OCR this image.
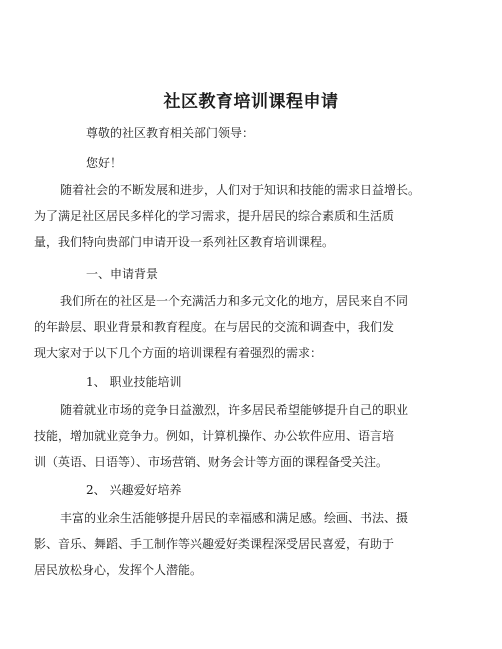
社区教育培训课程申请
尊敬的社区教育相关部门领导：
您好！
随着社会的不断发展和进步，人们对于知识和技能的需求日益增长。
为了满足社区居民多样化的学习需求，提升居民的综合素质和生活质
量，我们特向贵部门申请开设一系列社区教育培训课程。
一、申请背景
我们所在的社区是一个充满活力和多元文化的地方，居民来自不同
的年龄层、职业背景和教育程度。在与居民的交流和调查中，我们发
现大家对于以下几个方面的培训课程有着强烈的需求：
1、 职业技能培训
随着就业市场的竞争日益激烈，许多居民希望能够提升自己的职业
技能，增加就业竞争力。例如，计算机操作、办公软件应用、语言培
训（英语、日语等）、市场营销、财务会计等方面的课程备受关注。
2、 兴趣爱好培养
丰富的业余生活能够提升居民的幸福感和满足感。绘画、书法、摄
影、音乐、舞蹈、手工制作等兴趣爱好类课程深受居民喜爱，有助于
居民放松身心，发挥个人潜能。
